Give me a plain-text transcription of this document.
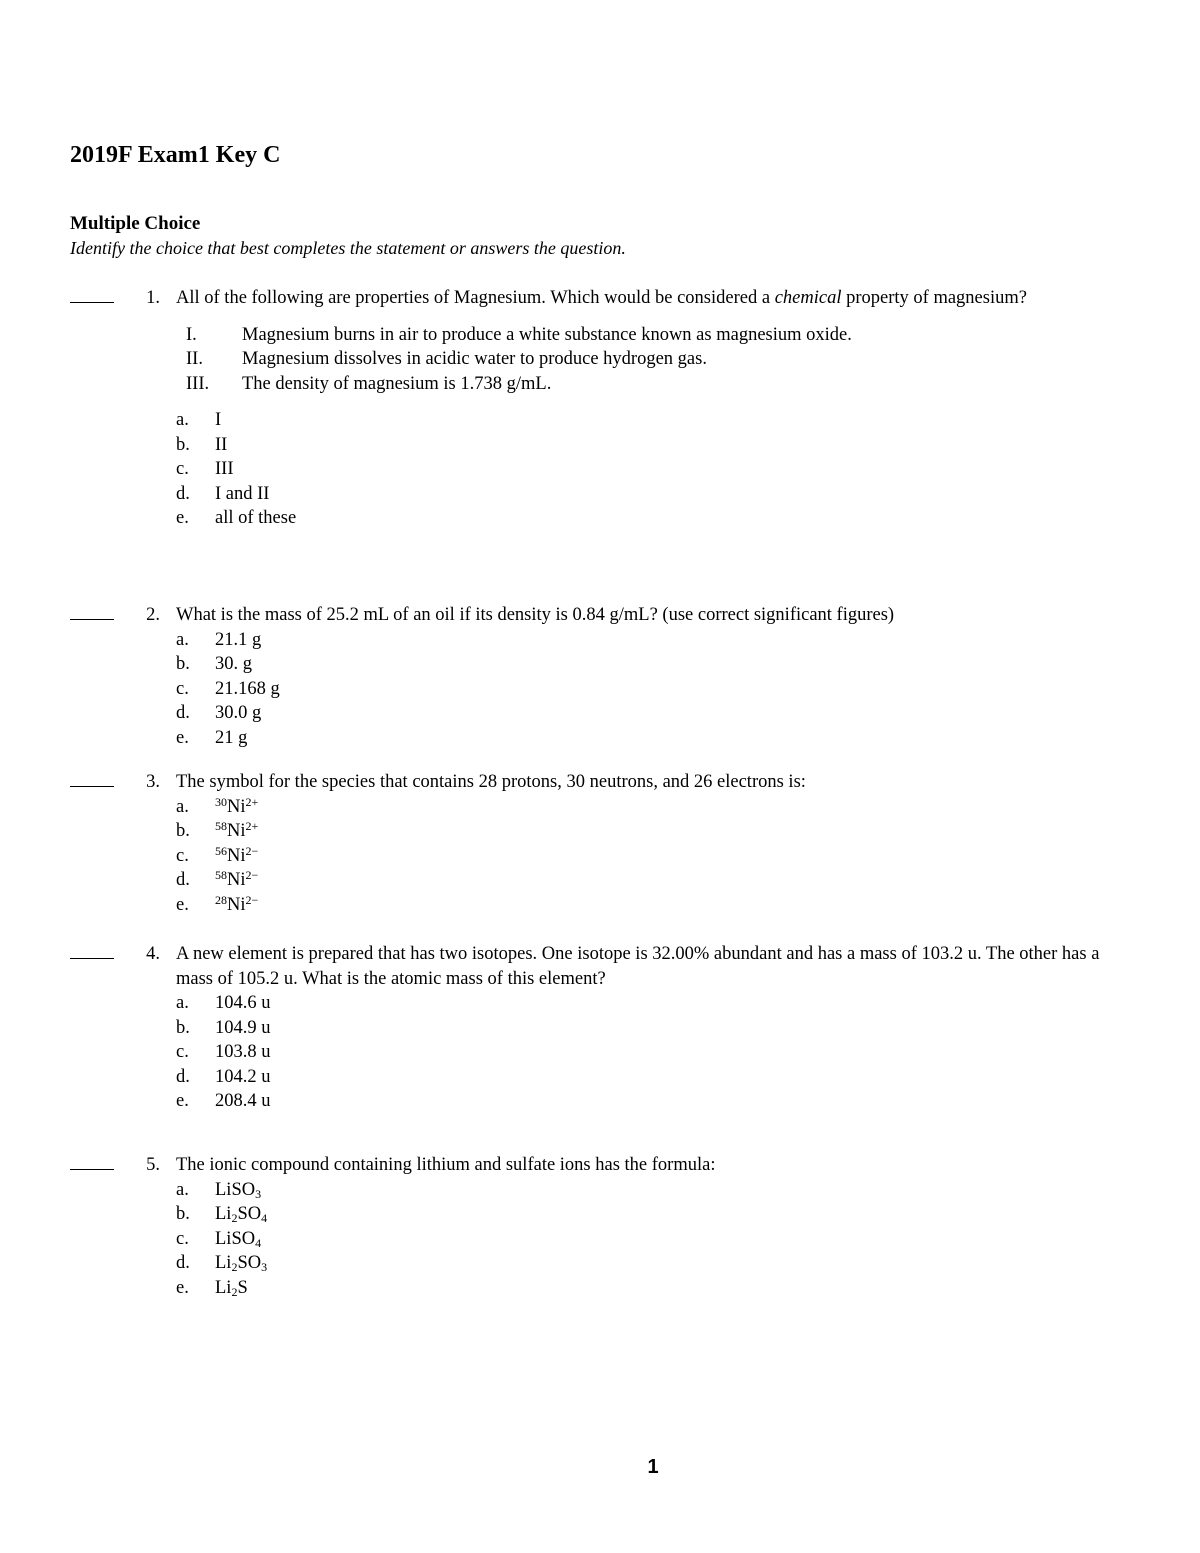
2019F Exam1 Key C
Multiple Choice
Identify the choice that best completes the statement or answers the question.
1. All of the following are properties of Magnesium. Which would be considered a chemical property of magnesium?
I.	Magnesium burns in air to produce a white substance known as magnesium oxide.
II.	Magnesium dissolves in acidic water to produce hydrogen gas.
III.	The density of magnesium is 1.738 g/mL.
a.	I
b.	II
c.	III
d.	I and II
e.	all of these
2. What is the mass of 25.2 mL of an oil if its density is 0.84 g/mL? (use correct significant figures)
a.	21.1 g
b.	30. g
c.	21.168 g
d.	30.0 g
e.	21 g
3. The symbol for the species that contains 28 protons, 30 neutrons, and 26 electrons is:
a.	$^{30}Ni^{2+}$
b.	$^{58}Ni^{2+}$
c.	$^{56}Ni^{2-}$
d.	$^{58}Ni^{2-}$
e.	$^{28}Ni^{2-}$
4. A new element is prepared that has two isotopes. One isotope is 32.00% abundant and has a mass of 103.2 u. The other has a mass of 105.2 u. What is the atomic mass of this element?
a.	104.6 u
b.	104.9 u
c.	103.8 u
d.	104.2 u
e.	208.4 u
5. The ionic compound containing lithium and sulfate ions has the formula:
a.	LiSO$_3$
b.	$Li_2SO_4$
c.	LiSO$_4$
d.	$Li_2SO_3$
e.	$Li_2S$
1
